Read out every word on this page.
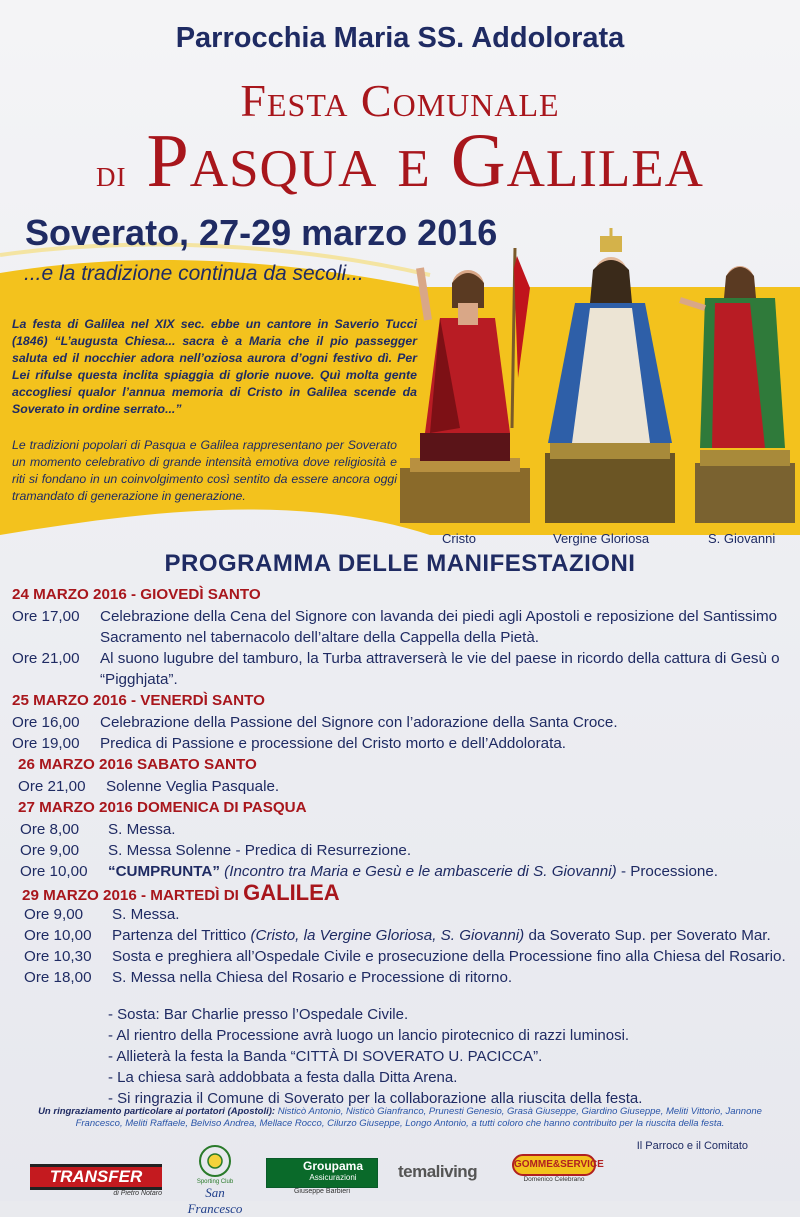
Parrocchia Maria SS. Addolorata
Festa Comunale
di Pasqua e Galilea
Soverato, 27-29 marzo 2016
...e la tradizione continua da secoli...
La festa di Galilea nel XIX sec. ebbe un cantore in Saverio Tucci (1846) “L’augusta Chiesa... sacra è a Maria che il pio passegger saluta ed il nocchier adora nell’oziosa aurora d’ogni festivo dì. Per Lei rifulse questa inclita spiaggia di glorie nuove. Quì molta gente accogliesi qualor l’annua memoria di Cristo in Galilea scende da Soverato in ordine serrato...”
Le tradizioni popolari di Pasqua e Galilea rappresentano per Soverato un momento celebrativo di grande intensità emotiva dove religiosità e riti si fondano in un coinvolgimento così sentito da essere ancora oggi tramandato di generazione in generazione.
Cristo	Vergine Gloriosa	S. Giovanni
PROGRAMMA DELLE MANIFESTAZIONI
24 MARZO 2016 - GIOVEDÌ SANTO
Ore 17,00	Celebrazione della Cena del Signore con lavanda dei piedi agli Apostoli e reposizione del Santissimo Sacramento nel tabernacolo dell’altare della Cappella della Pietà.
Ore 21,00	Al suono lugubre del tamburo, la Turba attraverserà le vie del paese in ricordo della cattura di Gesù o “Pigghjata”.
25 MARZO 2016 - VENERDÌ SANTO
Ore 16,00	Celebrazione della Passione del Signore con l’adorazione della Santa Croce.
Ore 19,00	Predica di Passione e processione del Cristo morto e dell’Addolorata.
26 MARZO 2016 SABATO SANTO
Ore 21,00	Solenne Veglia Pasquale.
27 MARZO 2016 DOMENICA DI PASQUA
Ore 8,00	S. Messa.
Ore 9,00	S. Messa Solenne - Predica di Resurrezione.
Ore 10,00	“CUMPRUNTA” (Incontro tra Maria e Gesù e le ambascerie di S. Giovanni) - Processione.
29 MARZO 2016 - MARTEDÌ DI GALILEA
Ore 9,00	S. Messa.
Ore 10,00	Partenza del Trittico (Cristo, la Vergine Gloriosa, S. Giovanni) da Soverato Sup. per Soverato Mar.
Ore 10,30	Sosta e preghiera all’Ospedale Civile e prosecuzione della Processione fino alla Chiesa del Rosario.
Ore 18,00	S. Messa nella Chiesa del Rosario e Processione di ritorno.
- Sosta: Bar Charlie presso l’Ospedale Civile.
- Al rientro della Processione avrà luogo un lancio pirotecnico di razzi luminosi.
- Allieterà la festa la Banda “CITTÀ DI SOVERATO U. PACICCA”.
- La chiesa sarà addobbata a festa dalla Ditta Arena.
- Si ringrazia il Comune di Soverato per la collaborazione alla riuscita della festa.
Un ringraziamento particolare ai portatori (Apostoli): Nisticò Antonio, Nisticò Gianfranco, Prunesti Genesio, Grasà Giuseppe, Giardino Giuseppe, Meliti Vittorio, Jannone Francesco, Meliti Raffaele, Belviso Andrea, Mellace Rocco, Cilurzo Giuseppe, Longo Antonio, a tutti coloro che hanno contribuito per la riuscita della festa.
Il Parroco e il Comitato
TRANSFER
di Pietro Notaro
Sporting Club
San Francesco
Groupama
Assicurazioni
Giuseppe Barbieri
temaliving	GOMME&SERVICE
Domenico Celebrano
